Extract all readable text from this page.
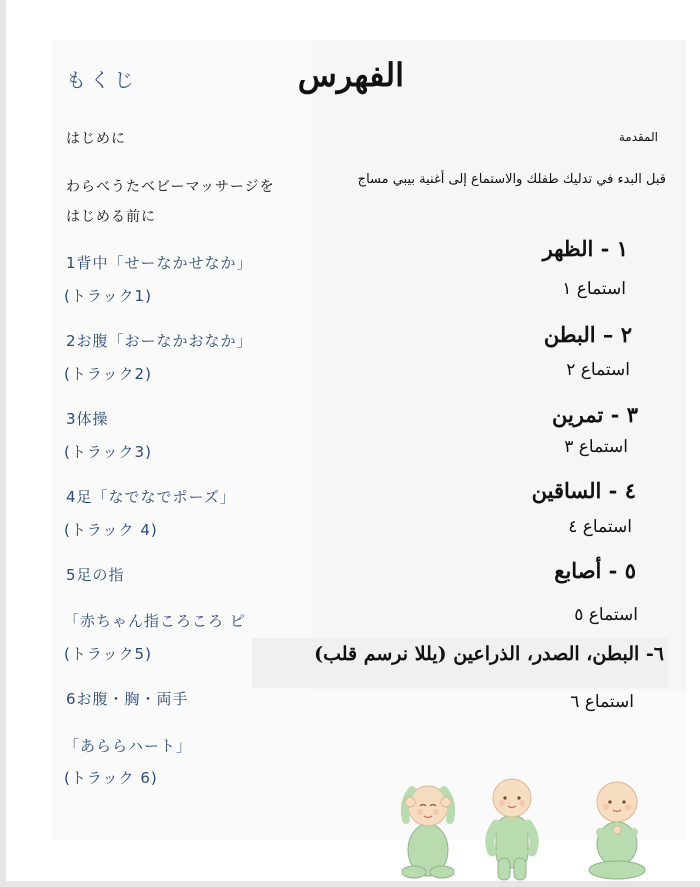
もくじ
はじめに
わらべうたベビーマッサージを
はじめる前に
1背中「せーなかせなか」
(トラック1)
2お腹「おーなかおなか」
(トラック2)
3体操
(トラック3)
4足「なでなでポーズ」
(トラック 4)
5足の指
「赤ちゃん指ころころ ピ
(トラック5)
6お腹・胸・両手
「あららハート」
(トラック 6)
الفهرس
المقدمة
قبل البدء في تدليك طفلك والاستماع إلى أغنية بيبي مساج
١ - الظهر
استماع ١
٢ – البطن
استماع ٢
٣ - تمرين
استماع ٣
٤ - الساقين
استماع ٤
٥ - أصابع
استماع ٥
٦- البطن، الصدر، الذراعين (يللا نرسم قلب)
استماع ٦
